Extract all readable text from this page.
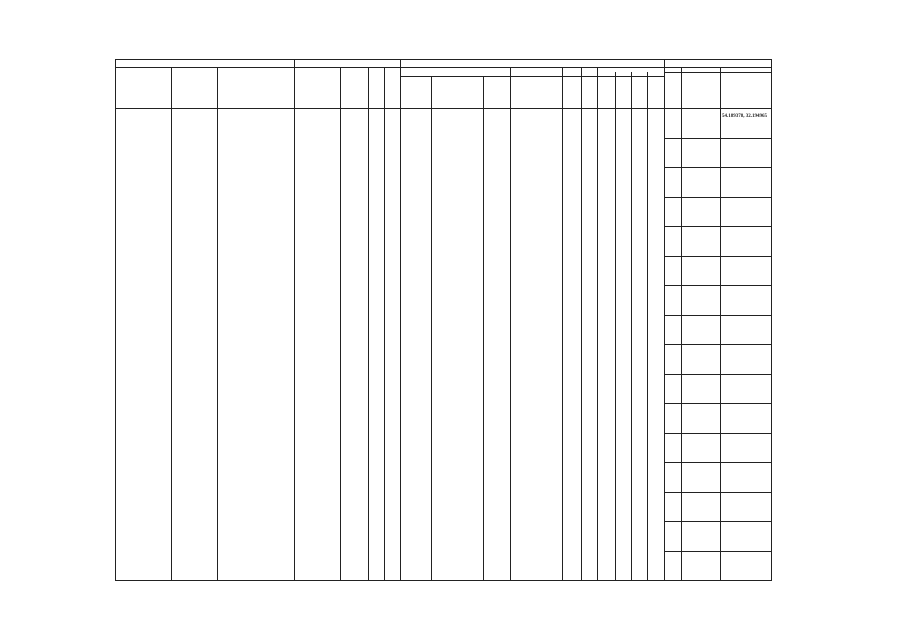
54.189378, 32.194965
